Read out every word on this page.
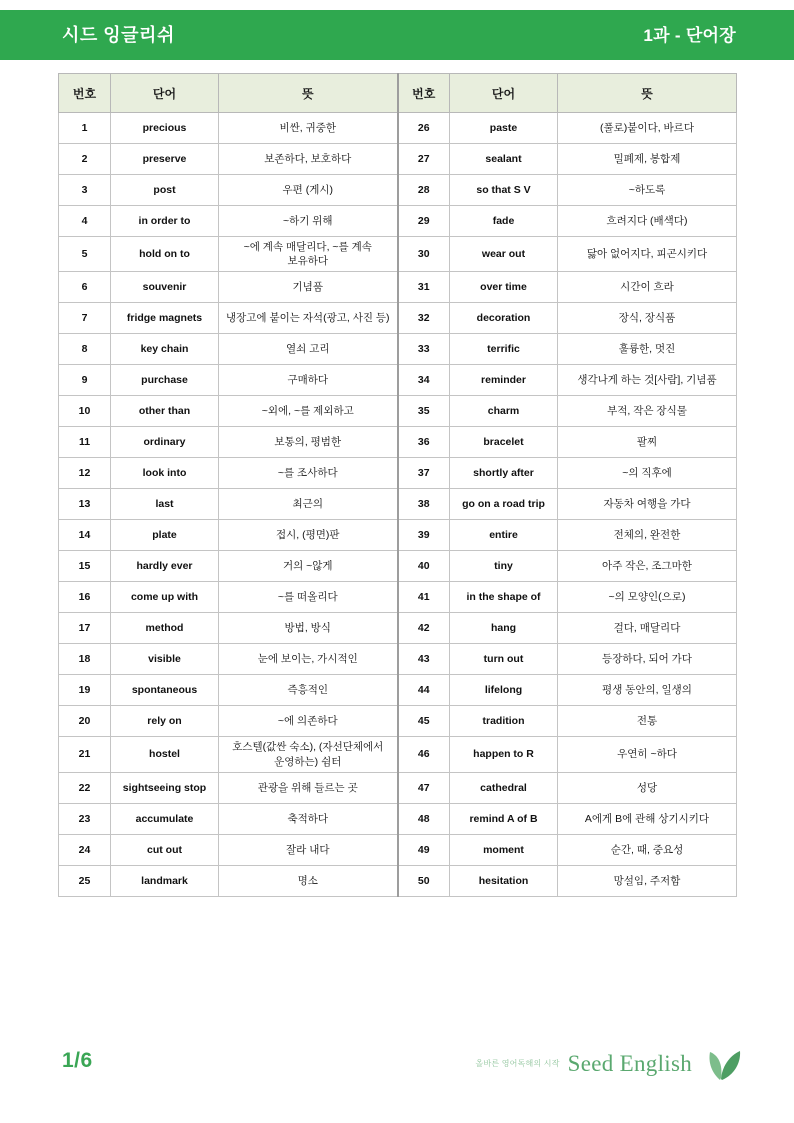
시드 잉글리쉬	1과 - 단어장
번호	단어	뜻	번호	단어	뜻
1	precious	비싼, 귀중한	26	paste	(풀로)붙이다, 바르다
2	preserve	보존하다, 보호하다	27	sealant	밀폐제, 봉합제
3	post	우편 (게시)	28	so that S V	~하도록
4	in order to	~하기 위해	29	fade	흐려지다 (배색다)
5	hold on to	~에 계속 매달리다, ~를 계속 보유하다	30	wear out	닳아 없어지다, 피곤시키다
6	souvenir	기념품	31	over time	시간이 흐라
7	fridge magnets	냉장고에 붙이는 자석(광고, 사진 등)	32	decoration	장식, 장식품
8	key chain	열쇠 고리	33	terrific	훌륭한, 멋진
9	purchase	구매하다	34	reminder	생각나게 하는 것[사람], 기념품
10	other than	~외에, ~를 제외하고	35	charm	부적, 작은 장식물
11	ordinary	보통의, 평범한	36	bracelet	팔찌
12	look into	~를 조사하다	37	shortly after	~의 직후에
13	last	최근의	38	go on a road trip	자동차 여행을 가다
14	plate	접시, (평면)판	39	entire	전체의, 완전한
15	hardly ever	거의 ~않게	40	tiny	아주 작은, 조그마한
16	come up with	~를 떠올리다	41	in the shape of	~의 모양인(으로)
17	method	방법, 방식	42	hang	걸다, 매달리다
18	visible	눈에 보이는, 가시적인	43	turn out	등장하다, 되어 가다
19	spontaneous	즉흥적인	44	lifelong	평생 동안의, 일생의
20	rely on	~에 의존하다	45	tradition	전통
21	hostel	호스텔(값싼 숙소), (자선단체에서 운영하는) 쉼터	46	happen to R	우연히 ~하다
22	sightseeing stop	관광을 위해 들르는 곳	47	cathedral	성당
23	accumulate	축적하다	48	remind A of B	A에게 B에 관해 상기시키다
24	cut out	잘라 내다	49	moment	순간, 때, 중요성
25	landmark	명소	50	hesitation	망설임, 주저함
1/6	올바른 영어독해의 시작 Seed English
